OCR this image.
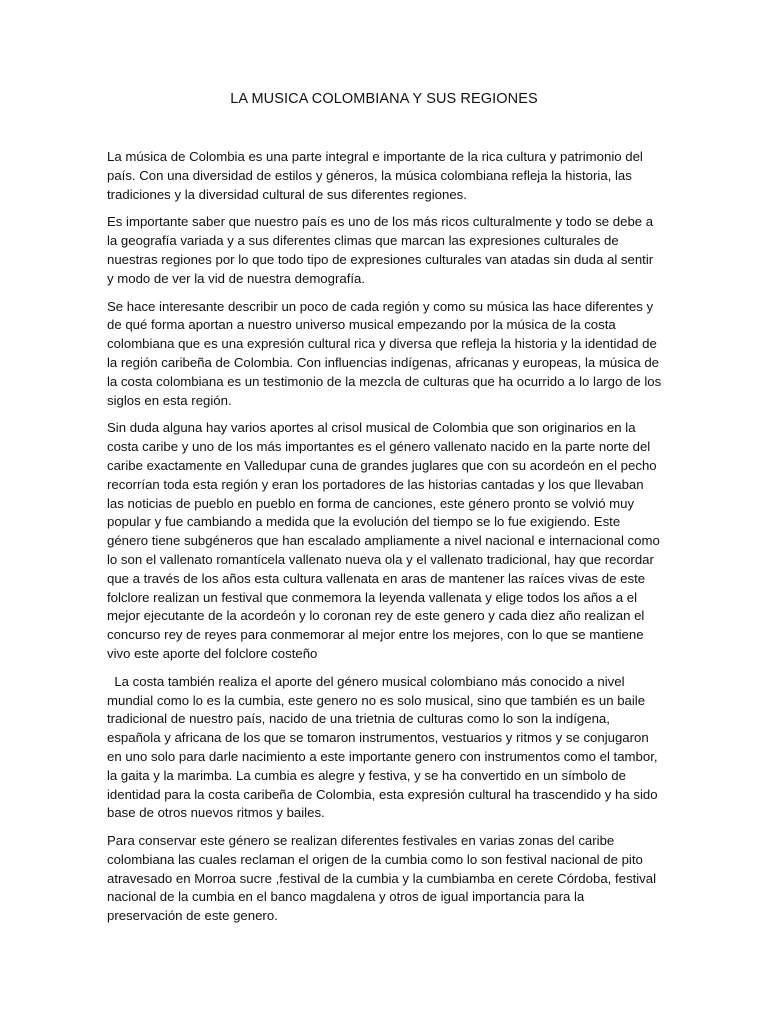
LA MUSICA COLOMBIANA Y SUS REGIONES

La música de Colombia es una parte integral e importante de la rica cultura y patrimonio del país. Con una diversidad de estilos y géneros, la música colombiana refleja la historia, las tradiciones y la diversidad cultural de sus diferentes regiones.

Es importante saber que nuestro país es uno de los más ricos culturalmente y todo se debe a la geografía variada y a sus diferentes climas que marcan las expresiones culturales de nuestras regiones por lo que todo tipo de expresiones culturales van atadas sin duda al sentir y modo de ver la vid de nuestra demografía.

Se hace interesante describir un poco de cada región y como su música las hace diferentes y de qué forma aportan a nuestro universo musical empezando por la música de la costa colombiana que es una expresión cultural rica y diversa que refleja la historia y la identidad de la región caribeña de Colombia. Con influencias indígenas, africanas y europeas, la música de la costa colombiana es un testimonio de la mezcla de culturas que ha ocurrido a lo largo de los siglos en esta región.

Sin duda alguna hay varios aportes al crisol musical de Colombia que son originarios en la costa caribe y uno de los más importantes es el género vallenato nacido en la parte norte del caribe exactamente en Valledupar cuna de grandes juglares que con su acordeón en el pecho recorrían toda esta región y eran los portadores de las historias cantadas y los que llevaban las noticias de pueblo en pueblo en forma de canciones, este género pronto se volvió muy popular y fue cambiando a medida que la evolución del tiempo se lo fue exigiendo. Este género tiene subgéneros que han escalado ampliamente a nivel nacional e internacional como lo son el vallenato romantícela vallenato nueva ola y el vallenato tradicional, hay que recordar que a través de los años esta cultura vallenata en aras de mantener las raíces vivas de este folclore realizan un festival que conmemora la leyenda vallenata y elige todos los años a el mejor ejecutante de la acordeón y lo coronan rey de este genero y cada diez año realizan el concurso rey de reyes para conmemorar al mejor entre los mejores, con lo que se mantiene vivo este aporte del folclore costeño

La costa también realiza el aporte del género musical colombiano más conocido a nivel mundial como lo es la cumbia, este genero no es solo musical, sino que también es un baile tradicional de nuestro país, nacido de una trietnia de culturas como lo son la indígena, española y africana de los que se tomaron instrumentos, vestuarios y ritmos y se conjugaron en uno solo para darle nacimiento a este importante genero con instrumentos como el tambor, la gaita y la marimba. La cumbia es alegre y festiva, y se ha convertido en un símbolo de identidad para la costa caribeña de Colombia, esta expresión cultural ha trascendido y ha sido base de otros nuevos ritmos y bailes.

Para conservar este género se realizan diferentes festivales en varias zonas del caribe colombiana las cuales reclaman el origen de la cumbia como lo son festival nacional de pito atravesado en Morroa sucre ,festival de la cumbia y la cumbiamba en cerete Córdoba, festival nacional de la cumbia en el banco magdalena y otros de igual importancia para la preservación de este genero.
